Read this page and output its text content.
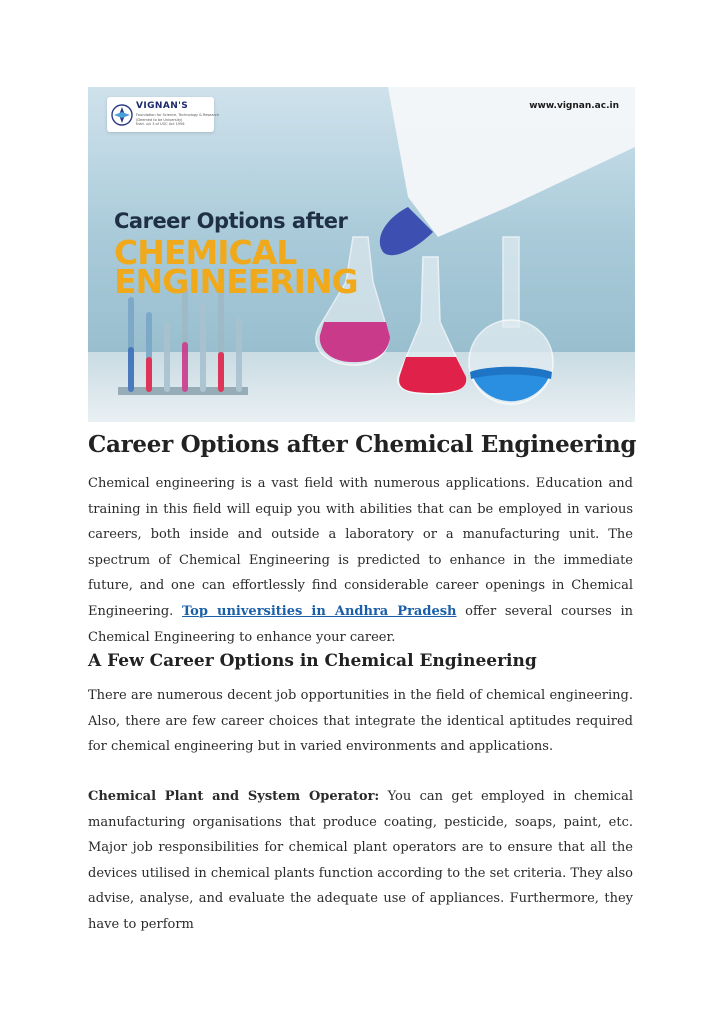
VIGNAN'S
Foundation for Science, Technology & Research
(Deemed to be University)
Estd. u/s 3 of UGC Act 1956
www.vignan.ac.in
Career Options after
CHEMICAL
ENGINEERING
Career Options after Chemical Engineering
Chemical engineering is a vast field with numerous applications. Education and training in this field will equip you with abilities that can be employed in various careers, both inside and outside a laboratory or a manufacturing unit. The spectrum of Chemical Engineering is predicted to enhance in the immediate future, and one can effortlessly find considerable career openings in Chemical Engineering. Top universities in Andhra Pradesh offer several courses in Chemical Engineering to enhance your career.
A Few Career Options in Chemical Engineering
There are numerous decent job opportunities in the field of chemical engineering. Also, there are few career choices that integrate the identical aptitudes required for chemical engineering but in varied environments and applications.
Chemical Plant and System Operator: You can get employed in chemical manufacturing organisations that produce coating, pesticide, soaps, paint, etc. Major job responsibilities for chemical plant operators are to ensure that all the devices utilised in chemical plants function according to the set criteria. They also advise, analyse, and evaluate the adequate use of appliances. Furthermore, they have to perform
